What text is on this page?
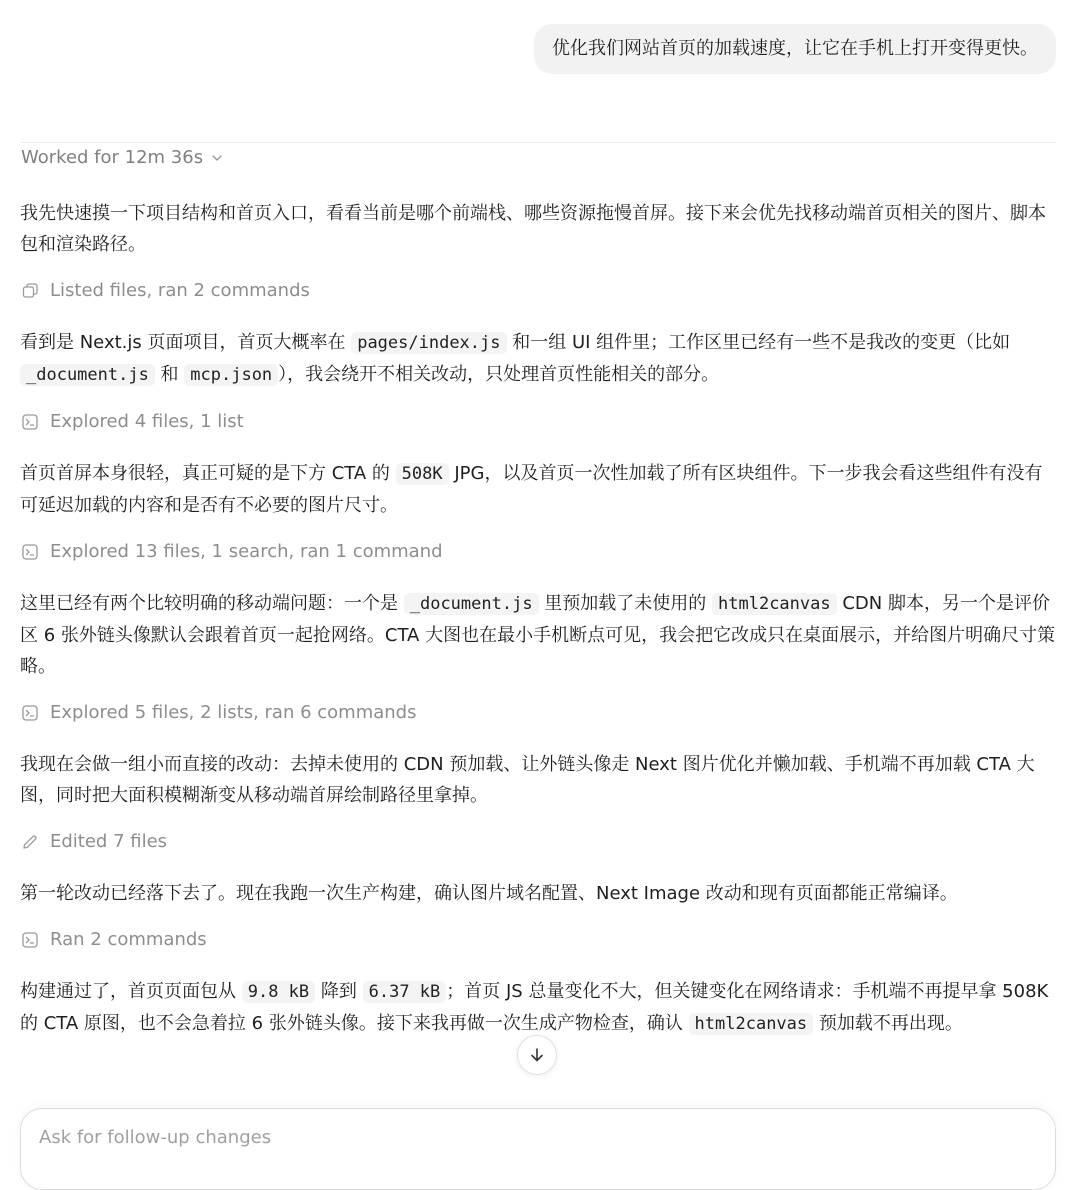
优化我们网站首页的加载速度，让它在手机上打开变得更快。
Worked for 12m 36s

我先快速摸一下项目结构和首页入口，看看当前是哪个前端栈、哪些资源拖慢首屏。接下来会优先找移动端首页相关的图片、脚本包和渲染路径。

Listed files, ran 2 commands

看到是 Next.js 页面项目，首页大概率在 pages/index.js 和一组 UI 组件里；工作区里已经有一些不是我改的变更（比如 _document.js 和 mcp.json ），我会绕开不相关改动，只处理首页性能相关的部分。

Explored 4 files, 1 list

首页首屏本身很轻，真正可疑的是下方 CTA 的 508K JPG，以及首页一次性加载了所有区块组件。下一步我会看这些组件有没有可延迟加载的内容和是否有不必要的图片尺寸。

Explored 13 files, 1 search, ran 1 command

这里已经有两个比较明确的移动端问题：一个是 _document.js 里预加载了未使用的 html2canvas CDN 脚本，另一个是评价区 6 张外链头像默认会跟着首页一起抢网络。CTA 大图也在最小手机断点可见，我会把它改成只在桌面展示，并给图片明确尺寸策略。

Explored 5 files, 2 lists, ran 6 commands

我现在会做一组小而直接的改动：去掉未使用的 CDN 预加载、让外链头像走 Next 图片优化并懒加载、手机端不再加载 CTA 大图，同时把大面积模糊渐变从移动端首屏绘制路径里拿掉。

Edited 7 files

第一轮改动已经落下去了。现在我跑一次生产构建，确认图片域名配置、Next Image 改动和现有页面都能正常编译。

Ran 2 commands

构建通过了，首页页面包从 9.8 kB 降到 6.37 kB ；首页 JS 总量变化不大，但关键变化在网络请求：手机端不再提早拿 508K 的 CTA 原图，也不会急着拉 6 张外链头像。接下来我再做一次生成产物检查，确认 html2canvas 预加载不再出现。

Ask for follow-up changes
